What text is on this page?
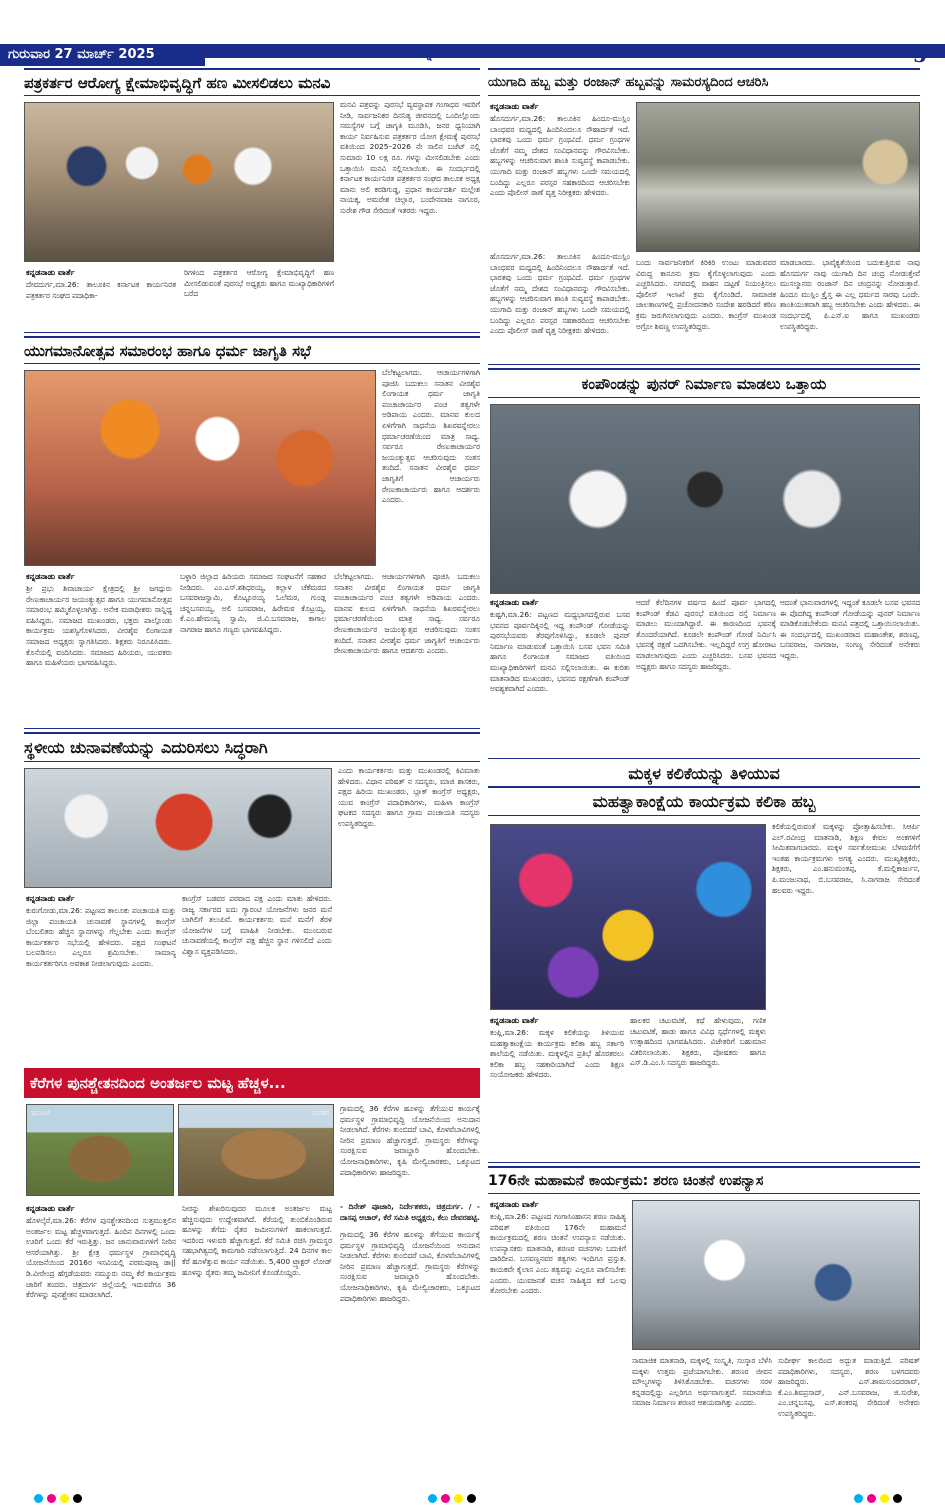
ಗುರುವಾರ 27 ಮಾರ್ಚ್ 2025	ಕನ್ನಡ ನಾಡು	5
ಪತ್ರಕರ್ತರ ಆರೋಗ್ಯ ಕ್ಷೇಮಾಭಿವೃದ್ಧಿಗೆ ಹಣ ಮೀಸಲಿಡಲು ಮನವಿ
ಮನವಿ ಪತ್ರವನ್ನು ಪುರಸಭೆ ವ್ಯವಸ್ಥಾಪಕ ಗಂಗಾಧರ ಇವರಿಗೆ ನೀಡಿ, ಸಾರ್ವಜನಿಕರ ದಿನನಿತ್ಯ ಜೀವನದಲ್ಲಿ ಒಂದಿಲ್ಲೊಂದು ಸಮಸ್ಯೆಗಳ ಬಗ್ಗೆ ಜಾಗೃತಿ ಮೂಡಿಸಿ, ಜನರ ಧ್ವನಿಯಾಗಿ ಕಾರ್ಯ ನಿರ್ವಹಿಸುವ ಪತ್ರಕರ್ತರ ಯೋಗ ಕ್ಷೇಮಕ್ಕೆ ಪುರಸಭೆ ವತಿಯಿಂದ 2025–2026 ನೇ ಸಾಲಿನ ಬಜೆಟ್ ನಲ್ಲಿ ಸುಮಾರು 10 ಲಕ್ಷ ರೂ. ಗಳನ್ನು ಮೀಸಲಿಡಬೇಕು ಎಂದು ಒತ್ತಾಯಿಸಿ ಮನವಿ ಸಲ್ಲಿಸಲಾಯಿತು. ಈ ಸಂದರ್ಭದಲ್ಲಿ ಕರ್ನಾಟಕ ಕಾರ್ಯನಿರತ ಪತ್ರಕರ್ತರ ಸಂಘದ ತಾಲೂಕ ಅಧ್ಯಕ್ಷ ಮಾನು ಅಲಿ ಕರಡಿಗುಡ್ಡ, ಪ್ರಧಾನ ಕಾರ್ಯದರ್ಶಿ ಮಲ್ಲೇಶ ನಾಯಕ್ಕ, ಅಮರೇಶ ಚಿಲ್ಲಾರ, ಬಂದೇನವಾಜ ನಾಗೂರ, ಸುರೇಶ ಗೌಡ ಸೇರಿದಂತೆ ಇತರರು ಇದ್ದರು.
ಕನ್ನಡನಾಡು ವಾರ್ತೆ
ದೇವದುರ್ಗ,ಮಾ.26: ತಾಲೂಕಿನ ಕರ್ನಾಟಕ ಕಾರ್ಯನಿರತ ಪತ್ರಕರ್ತರ ಸಂಘದ ಪದಾಧಿಕಾ-
ರಿಗಳಿಂದ ಪತ್ರಕರ್ತರ ಆರೋಗ್ಯ ಕ್ಷೇಮಾಭಿವೃದ್ಧಿಗೆ ಹಣ ಮೀಸಲಿಡುವಂತೆ ಪುರಸಭೆ ಅಧ್ಯಕ್ಷರು ಹಾಗೂ ಮುಖ್ಯಾಧಿಕಾರಿಗಳಿಗೆ ಬರೆದ
ಯುಗಮಾನೋತ್ಸವ ಸಮಾರಂಭ ಹಾಗೂ ಧರ್ಮ ಜಾಗೃತಿ ಸಭೆ
ಬೆಲೆಕಟ್ಟಲಾಗದು. ಆಚಾರ್ಯಗಳಿಗಾಗಿ ಪೂಜಿಸಿ ಬದುಕಲು ಸನಾತನ ವೀರಶೈವ ಲಿಂಗಾಯತ ಧರ್ಮ ಜಾಗೃತಿ ಪಂಚಾಚಾರ್ಯರ ಪಂಚ ತತ್ವಗಳೇ ಅಡಿಪಾಯ ಎಂದರು. ಮಾನವ ಕುಲದ ಏಳಿಗೆಗಾಗಿ ಸಾಧನೆಯ ಶಿಖರವನ್ನೇರಲು ಧರ್ಮಾಚರಣೆಯಿಂದ ಮಾತ್ರ ಸಾಧ್ಯ. ಸರ್ವರೂ ರೇಣುಕಾಚಾರ್ಯರ ಜಯಂತ್ಯುತ್ಸವ ಆಚರಿಸುವುದು ಸಂತಸ ತಂದಿದೆ. ಸನಾತನ ವೀರಶೈವ ಧರ್ಮ ಜಾಗೃತಿಗೆ ಆಚಾರ್ಯರು ರೇಣುಕಾಚಾರ್ಯರು ಹಾಗೂ ಆದರ್ಶರು ಎಂದರು.
ಕನ್ನಡನಾಡು ವಾರ್ತೆ
ಶ್ರೀ ಪ್ರಭು ಶಿವಾಚಾರ್ಯ ಕ್ಷೇತ್ರದಲ್ಲಿ ಶ್ರೀ ಜಗದ್ಗುರು ರೇಣುಕಾಚಾರ್ಯರ ಜಯಂತ್ಯುತ್ಸವ ಹಾಗೂ ಯುಗಮಾನೋತ್ಸವ ಸಮಾರಂಭ ಹಮ್ಮಿಕೊಳ್ಳಲಾಗಿತ್ತು. ಅನೇಕ ಮಠಾಧೀಶರು ಸಾನ್ನಿಧ್ಯ ವಹಿಸಿದ್ದರು. ಸಮಾಜದ ಮುಖಂಡರು, ಭಕ್ತರು ಪಾಲ್ಗೊಂಡು ಕಾರ್ಯಕ್ರಮ ಯಶಸ್ವಿಗೊಳಿಸಿದರು. ವೀರಶೈವ ಲಿಂಗಾಯತ ಸಮಾಜದ ಅಧ್ಯಕ್ಷರು ಸ್ವಾಗತಿಸಿದರು. ಶಿಕ್ಷಕರು ನಿರೂಪಿಸಿದರು. ಕೊನೆಯಲ್ಲಿ ವಂದಿಸಿದರು. ಸಮಾಜದ ಹಿರಿಯರು, ಯುವಕರು ಹಾಗೂ ಮಹಿಳೆಯರು ಭಾಗವಹಿಸಿದ್ದರು.
ಬಳ್ಳಾರಿ ಜಿಲ್ಲಾದ ಹಿರಿಯರು ಸಮಾಜದ ಸಂಘಟನೆಗೆ ಸಹಕಾರ ನೀಡಿದರು. ಎಂ.ಎಸ್.ಶಶಿಧರಯ್ಯ, ಕಲ್ಲಾಳ ಚೆಕೆಮಠದ ಬಸವರಾಜಸ್ವಾಮಿ, ಕೊಟ್ಟೂರಯ್ಯ ಓಲೆಮಠ, ಗುಂಡ್ಲ ಚನ್ನಬಸವಯ್ಯ, ಅಲಿ ಬಸವರಾಜ, ಹಿರೇಮಠ ಕೊಟ್ರಯ್ಯ, ಕೆ.ಎಂ.ಹೇಮಯ್ಯ ಸ್ವಾಮಿ, ಜಿ.ವಿ.ಬಸವರಾಜ, ಕಾಗಾಲ ನಾಗರಾಜ ಹಾಗೂ ಗಣ್ಯರು ಭಾಗವಹಿಸಿದ್ದರು.
ಬೆಲೆಕಟ್ಟಲಾಗದು. ಆಚಾರ್ಯಗಳಿಗಾಗಿ ಪೂಜಿಸಿ ಬದುಕಲು ಸನಾತನ ವೀರಶೈವ ಲಿಂಗಾಯತ ಧರ್ಮ ಜಾಗೃತಿ ಪಂಚಾಚಾರ್ಯರ ಪಂಚ ತತ್ವಗಳೇ ಅಡಿಪಾಯ ಎಂದರು. ಮಾನವ ಕುಲದ ಏಳಿಗೆಗಾಗಿ ಸಾಧನೆಯ ಶಿಖರವನ್ನೇರಲು ಧರ್ಮಾಚರಣೆಯಿಂದ ಮಾತ್ರ ಸಾಧ್ಯ. ಸರ್ವರೂ ರೇಣುಕಾಚಾರ್ಯರ ಜಯಂತ್ಯುತ್ಸವ ಆಚರಿಸುವುದು ಸಂತಸ ತಂದಿದೆ. ಸನಾತನ ವೀರಶೈವ ಧರ್ಮ ಜಾಗೃತಿಗೆ ಆಚಾರ್ಯರು ರೇಣುಕಾಚಾರ್ಯರು ಹಾಗೂ ಆದರ್ಶರು ಎಂದರು.
ಸ್ಥಳೀಯ ಚುನಾವಣೆಯನ್ನು ಎದುರಿಸಲು ಸಿದ್ಧರಾಗಿ
ಎಂದು ಕಾರ್ಯಕರ್ತರು ಮತ್ತು ಮುಖಂಡರಲ್ಲಿ ಕಿವಿಮಾತು ಹೇಳಿದರು. ವಿಧಾನ ಪರಿಷತ್ ನ ಸದಸ್ಯರು, ಮಾಜಿ ಶಾಸಕರು, ಪಕ್ಷದ ಹಿರಿಯ ಮುಖಂಡರು, ಬ್ಲಾಕ್ ಕಾಂಗ್ರೆಸ್ ಅಧ್ಯಕ್ಷರು, ಯುವ ಕಾಂಗ್ರೆಸ್ ಪದಾಧಿಕಾರಿಗಳು, ಮಹಿಳಾ ಕಾಂಗ್ರೆಸ್ ಘಟಕದ ಸದಸ್ಯರು ಹಾಗೂ ಗ್ರಾಮ ಪಂಚಾಯತಿ ಸದಸ್ಯರು ಉಪಸ್ಥಿತರಿದ್ದರು.
ಕನ್ನಡನಾಡು ವಾರ್ತೆ
ಕುರುಗೋಡು,ಮಾ.26: ಪಟ್ಟಣದ ತಾಲೂಕು ಪಂಚಾಯತಿ ಮತ್ತು ಜಿಲ್ಲಾ ಪಂಚಾಯತಿ ಚುನಾವಣೆ ಸ್ಥಾನಗಳಲ್ಲಿ ಕಾಂಗ್ರೆಸ್ ಬೆಂಬಲಿತರು ಹೆಚ್ಚಿನ ಸ್ಥಾನಗಳನ್ನು ಗೆಲ್ಲಬೇಕು ಎಂದು ಕಾಂಗ್ರೆಸ್ ಕಾರ್ಯಕರ್ತರ ಸಭೆಯಲ್ಲಿ ಹೇಳಿದರು. ಪಕ್ಷದ ಸಂಘಟನೆ ಬಲಪಡಿಸಲು ಎಲ್ಲರೂ ಶ್ರಮಿಸಬೇಕು. ಸಾಮಾನ್ಯ ಕಾರ್ಯಕರ್ತರಿಗೂ ಅವಕಾಶ ನೀಡಲಾಗುವುದು ಎಂದರು.
ಕಾಂಗ್ರೆಸ್ ಬಡವರ ಪರವಾದ ಪಕ್ಷ ಎಂದು ಮಾತು ಹೇಳಿದರು. ರಾಜ್ಯ ಸರ್ಕಾರದ ಐದು ಗ್ಯಾರಂಟಿ ಯೋಜನೆಗಳು ಜನರ ಮನೆ ಬಾಗಿಲಿಗೆ ತಲುಪಿವೆ. ಕಾರ್ಯಕರ್ತರು ಮನೆ ಮನೆಗೆ ತೆರಳಿ ಯೋಜನೆಗಳ ಬಗ್ಗೆ ಮಾಹಿತಿ ನೀಡಬೇಕು. ಮುಂಬರುವ ಚುನಾವಣೆಯಲ್ಲಿ ಕಾಂಗ್ರೆಸ್ ಪಕ್ಷ ಹೆಚ್ಚಿನ ಸ್ಥಾನ ಗಳಿಸಲಿದೆ ಎಂದು ವಿಶ್ವಾಸ ವ್ಯಕ್ತಪಡಿಸಿದರು.
ಕೆರೆಗಳ ಪುನಶ್ಚೇತನದಿಂದ ಅಂತರ್ಜಲ ಮಟ್ಟ ಹೆಚ್ಚಳ...
ಮುಂಚೆ	ನಂತರ ಗ್ರಾಮದಲ್ಲಿ 36 ಕೆರೆಗಳ ಹೂಳನ್ನು ತೆಗೆಯುವ ಕಾರ್ಯಕ್ಕೆ ಧರ್ಮಸ್ಥಳ ಗ್ರಾಮಾಭಿವೃದ್ಧಿ ಯೋಜನೆಯಿಂದ ಅನುದಾನ ನೀಡಲಾಗಿದೆ. ಕೆರೆಗಳು ತುಂಬಿದರೆ ಬಾವಿ, ಕೊಳವೆಬಾವಿಗಳಲ್ಲಿ ನೀರಿನ ಪ್ರಮಾಣ ಹೆಚ್ಚಾಗುತ್ತದೆ. ಗ್ರಾಮಸ್ಥರು ಕೆರೆಗಳನ್ನು ಸಂರಕ್ಷಿಸುವ ಜವಾಬ್ದಾರಿ ಹೊಂದಬೇಕು. ಯೋಜನಾಧಿಕಾರಿಗಳು, ಕೃಷಿ ಮೇಲ್ವಿಚಾರಕರು, ಒಕ್ಕೂಟದ ಪದಾಧಿಕಾರಿಗಳು ಹಾಜರಿದ್ದರು.
- ದಿನೇಶ್ ಪೂಜಾರಿ, ನಿರ್ದೇಶಕರು, ಚಿತ್ರದುರ್ಗ. / - ದಾಸಪ್ಪ ಆಚಾರ್, ಕೆರೆ ಸಮಿತಿ ಅಧ್ಯಕ್ಷರು, ಕೆಲು ದೇವರಹಟ್ಟಿ.
ಕನ್ನಡನಾಡು ವಾರ್ತೆ
ಹೊಳಲ್ಕೆರೆ,ಮಾ.26: ಕೆರೆಗಳ ಪುನಶ್ಚೇತನದಿಂದ ಸುತ್ತಮುತ್ತಲಿನ ಅಂತರ್ಜಲ ಮಟ್ಟ ಹೆಚ್ಚಳವಾಗುತ್ತದೆ. ಹಿಂದಿನ ದಿನಗಳಲ್ಲಿ ಒಂದು ಊರಿಗೆ ಒಂದು ಕೆರೆ ಇರುತ್ತಿತ್ತು. ಜನ ಜಾನುವಾರುಗಳಿಗೆ ನೀರಿನ ಆಸರೆಯಾಗಿತ್ತು. ಶ್ರೀ ಕ್ಷೇತ್ರ ಧರ್ಮಸ್ಥಳ ಗ್ರಾಮಾಭಿವೃದ್ಧಿ ಯೋಜನೆಯಿಂದ 2016ರ ಇಸವಿಯಲ್ಲಿ ಪರಮಪೂಜ್ಯ ಡಾ|| ಡಿ.ವೀರೇಂದ್ರ ಹೆಗ್ಗಡೆಯವರು ನಮ್ಮೂರು ನಮ್ಮ ಕೆರೆ ಕಾರ್ಯಕ್ರಮ ಜಾರಿಗೆ ತಂದರು. ಚಿತ್ರದುರ್ಗ ಜಿಲ್ಲೆಯಲ್ಲಿ ಇದುವರೆಗೂ 36 ಕೆರೆಗಳನ್ನು ಪುನಶ್ಚೇತನ ಮಾಡಲಾಗಿದೆ.
ನೀರನ್ನು ಶೇಖರಿಸುವುದರ ಮೂಲಕ ಅಂತರ್ಜಲ ಮಟ್ಟ ಹೆಚ್ಚಿಸುವುದು ಉದ್ದೇಶವಾಗಿದೆ. ಕೆರೆಯಲ್ಲಿ ತುಂಬಿಕೊಂಡಿರುವ ಹೂಳನ್ನು ತೆಗೆದು ರೈತರ ಜಮೀನುಗಳಿಗೆ ಹಾಕಲಾಗುತ್ತದೆ. ಇದರಿಂದ ಇಳುವರಿ ಹೆಚ್ಚಾಗುತ್ತದೆ. ಕೆರೆ ಸಮಿತಿ ರಚಿಸಿ ಗ್ರಾಮಸ್ಥರ ಸಹಭಾಗಿತ್ವದಲ್ಲಿ ಕಾಮಗಾರಿ ನಡೆಸಲಾಗುತ್ತಿದೆ. 24 ದಿನಗಳ ಕಾಲ ಕೆರೆ ಹೂಳೆತ್ತುವ ಕಾರ್ಯ ನಡೆಯಿತು. 5,400 ಟ್ರ್ಯಾಕ್ಟರ್ ಲೋಡ್ ಹೂಳನ್ನು ರೈತರು ತಮ್ಮ ಜಮೀನಿಗೆ ಕೊಂಡೊಯ್ದರು.
ಗ್ರಾಮದಲ್ಲಿ 36 ಕೆರೆಗಳ ಹೂಳನ್ನು ತೆಗೆಯುವ ಕಾರ್ಯಕ್ಕೆ ಧರ್ಮಸ್ಥಳ ಗ್ರಾಮಾಭಿವೃದ್ಧಿ ಯೋಜನೆಯಿಂದ ಅನುದಾನ ನೀಡಲಾಗಿದೆ. ಕೆರೆಗಳು ತುಂಬಿದರೆ ಬಾವಿ, ಕೊಳವೆಬಾವಿಗಳಲ್ಲಿ ನೀರಿನ ಪ್ರಮಾಣ ಹೆಚ್ಚಾಗುತ್ತದೆ. ಗ್ರಾಮಸ್ಥರು ಕೆರೆಗಳನ್ನು ಸಂರಕ್ಷಿಸುವ ಜವಾಬ್ದಾರಿ ಹೊಂದಬೇಕು. ಯೋಜನಾಧಿಕಾರಿಗಳು, ಕೃಷಿ ಮೇಲ್ವಿಚಾರಕರು, ಒಕ್ಕೂಟದ ಪದಾಧಿಕಾರಿಗಳು ಹಾಜರಿದ್ದರು.
ಯುಗಾದಿ ಹಬ್ಬ ಮತ್ತು ರಂಜಾನ್ ಹಬ್ಬವನ್ನು ಸಾಮರಸ್ಯದಿಂದ ಆಚರಿಸಿ
ಕನ್ನಡನಾಡು ವಾರ್ತೆ
ಹೊಸದುರ್ಗ,ಮಾ.26: ತಾಲೂಕಿನ ಹಿಂದೂ-ಮುಸ್ಲಿಂ ಬಾಂಧವರ ಮಧ್ಯದಲ್ಲಿ ಹಿಂದಿನಿಂದಲೂ ಸೌಹಾರ್ದತೆ ಇದೆ. ಭಾರತವು ಒಂದು ಧರ್ಮ ಗ್ರಂಥವಿದೆ. ಧರ್ಮ ಗ್ರಂಥಗಳ ಜೊತೆಗೆ ನಮ್ಮ ದೇಶದ ಸಂವಿಧಾನವನ್ನು ಗೌರವಿಸಬೇಕು. ಹಬ್ಬಗಳನ್ನು ಆಚರಿಸುವಾಗ ಶಾಂತಿ ಸುವ್ಯವಸ್ಥೆ ಕಾಪಾಡಬೇಕು. ಯುಗಾದಿ ಮತ್ತು ರಂಜಾನ್ ಹಬ್ಬಗಳು ಒಂದೇ ಸಮಯದಲ್ಲಿ ಬಂದಿದ್ದು ಎಲ್ಲರೂ ಪರಸ್ಪರ ಸಹಕಾರದಿಂದ ಆಚರಿಸಬೇಕು ಎಂದು ಪೊಲೀಸ್ ಠಾಣೆ ವೃತ್ತ ನಿರೀಕ್ಷಕರು ಹೇಳಿದರು.
ಹೊಸದುರ್ಗ,ಮಾ.26: ತಾಲೂಕಿನ ಹಿಂದೂ-ಮುಸ್ಲಿಂ ಬಾಂಧವರ ಮಧ್ಯದಲ್ಲಿ ಹಿಂದಿನಿಂದಲೂ ಸೌಹಾರ್ದತೆ ಇದೆ. ಭಾರತವು ಒಂದು ಧರ್ಮ ಗ್ರಂಥವಿದೆ. ಧರ್ಮ ಗ್ರಂಥಗಳ ಜೊತೆಗೆ ನಮ್ಮ ದೇಶದ ಸಂವಿಧಾನವನ್ನು ಗೌರವಿಸಬೇಕು. ಹಬ್ಬಗಳನ್ನು ಆಚರಿಸುವಾಗ ಶಾಂತಿ ಸುವ್ಯವಸ್ಥೆ ಕಾಪಾಡಬೇಕು. ಯುಗಾದಿ ಮತ್ತು ರಂಜಾನ್ ಹಬ್ಬಗಳು ಒಂದೇ ಸಮಯದಲ್ಲಿ ಬಂದಿದ್ದು ಎಲ್ಲರೂ ಪರಸ್ಪರ ಸಹಕಾರದಿಂದ ಆಚರಿಸಬೇಕು ಎಂದು ಪೊಲೀಸ್ ಠಾಣೆ ವೃತ್ತ ನಿರೀಕ್ಷಕರು ಹೇಳಿದರು.
ಬಂದು ಸಾರ್ವಜನಿಕರಿಗೆ ಕಿರಿಕಿರಿ ಉಂಟು ಮಾಡುವವರ ವಿರುದ್ಧ ಕಾನೂನು ಕ್ರಮ ಕೈಗೊಳ್ಳಲಾಗುವುದು ಎಂದು ಎಚ್ಚರಿಸಿದರು. ನಗರದಲ್ಲಿ ವಾಹನ ದಟ್ಟಣೆ ನಿಯಂತ್ರಿಸಲು ಪೊಲೀಸ್ ಇಲಾಖೆ ಕ್ರಮ ಕೈಗೊಂಡಿದೆ. ಸಾಮಾಜಿಕ ಜಾಲತಾಣಗಳಲ್ಲಿ ಪ್ರಚೋದನಕಾರಿ ಸಂದೇಶ ಹರಡಿದರೆ ಕಠಿಣ ಕ್ರಮ ಜರುಗಿಸಲಾಗುವುದು ಎಂದರು. ಕಾಂಗ್ರೆಸ್ ಮುಖಂಡ ಅಗ್ರೋ ಶಿವಣ್ಣ ಉಪಸ್ಥಿತರಿದ್ದರು.
ಮಾಡಬಾರದು. ಭಾವೈಕ್ಯತೆಯಿಂದ ಬದುಕುತ್ತಿರುವ ನಾವು ಹೊಸದುರ್ಗ ನಾವು ಯುಗಾದಿ ದಿನ ಚಂದ್ರ ನೋಡುತ್ತೇವೆ ಮುಸಲ್ಮಾನರು ರಂಜಾನ್ ದಿನ ಚಂದ್ರನನ್ನು ನೋಡುತ್ತಾರೆ. ಹಿಂದೂ ಮುಸ್ಲಿಂ ಕ್ರೈಸ್ತ ಈ ಎಲ್ಲ ಧರ್ಮದ ಸಾರವು ಒಂದೇ. ಶಾಂತಿಯುತವಾಗಿ ಹಬ್ಬ ಆಚರಿಸಬೇಕು ಎಂದು ಹೇಳಿದರು. ಈ ಸಂದರ್ಭದಲ್ಲಿ ಪಿ.ಎಸ್.ಐ ಹಾಗೂ ಮುಖಂಡರು ಉಪಸ್ಥಿತರಿದ್ದರು.
ಕಂಪೌಂಡನ್ನು ಪುನರ್ ನಿರ್ಮಾಣ ಮಾಡಲು ಒತ್ತಾಯ
ಕನ್ನಡನಾಡು ವಾರ್ತೆ
ಕುಷ್ಟಗಿ,ಮಾ.26: ಪಟ್ಟಣದ ಮಧ್ಯಭಾಗದಲ್ಲಿರುವ ಬಸವ ಭವನದ ಪೂರ್ವದಿಕ್ಕಿನಲ್ಲಿ ಇದ್ದ ಕಂಪೌಂಡ್ ಗೋಡೆಯನ್ನು ಪುರಸಭೆಯವರು ತೆರವುಗೊಳಿಸಿದ್ದು, ಕೂಡಲೇ ಪುನರ್ ನಿರ್ಮಾಣ ಮಾಡುವಂತೆ ಒತ್ತಾಯಿಸಿ ಬಸವ ಭವನ ಸಮಿತಿ ಹಾಗೂ ಲಿಂಗಾಯತ ಸಮಾಜದ ವತಿಯಿಂದ ಮುಖ್ಯಾಧಿಕಾರಿಗಳಿಗೆ ಮನವಿ ಸಲ್ಲಿಸಲಾಯಿತು. ಈ ಕುರಿತು ಮಾತನಾಡಿದ ಮುಖಂಡರು, ಭವನದ ರಕ್ಷಣೆಗಾಗಿ ಕಂಪೌಂಡ್ ಅವಶ್ಯಕವಾಗಿದೆ ಎಂದರು.
ಆದರೆ ಕೆಲೆದಿನಗಳ ವರ್ಷದ ಹಿಂದೆ ಪೂರ್ವ ಭಾಗದಲ್ಲಿ ಕಂಪೌಂಡ್ ಕೆಡವಿ ಪುರಸಭೆ ವತಿಯಿಂದ ರಸ್ತೆ ನಿರ್ಮಾಣ ಮಾಡಲು ಮುಂದಾಗಿದ್ದಾರೆ. ಈ ಕಾರಣದಿಂದ ಭವನಕ್ಕೆ ತೊಂದರೆಯಾಗಿದೆ. ಕೂಡಲೇ ಕಂಪೌಂಡ್ ಗೋಡೆ ನಿರ್ಮಿಸಿ ಭವನಕ್ಕೆ ರಕ್ಷಣೆ ಒದಗಿಸಬೇಕು. ಇಲ್ಲದಿದ್ದರೆ ಉಗ್ರ ಹೋರಾಟ ಮಾಡಲಾಗುವುದು ಎಂದು ಎಚ್ಚರಿಸಿದರು. ಬಸವ ಭವನದ ಅಧ್ಯಕ್ಷರು ಹಾಗೂ ಸದಸ್ಯರು ಹಾಜರಿದ್ದರು.
ಆದಂತೆ ಭಾನುವಾರಗಳಲ್ಲಿ ಇದ್ದಂತೆ ಕೂಡಲೇ ಬಸವ ಭವನದ ಈ ಪೊದಗಿದ್ದ ಕಂಪೌಂಡ್ ಗೋಡೆಯನ್ನು ಪುನರ್ ನಿರ್ಮಾಣ ಮಾಡಿಕೊಡಬೇಕೆಂದು ಮನವಿ ಪತ್ರದಲ್ಲಿ ಒತ್ತಾಯಿಸಲಾಯಿತು. ಈ ಸಂದರ್ಭದಲ್ಲಿ ಮುಖಂಡರಾದ ಮಹಾಂತೇಶ, ಶರಣಪ್ಪ, ಬಸವರಾಜ, ನಾಗರಾಜ, ಸಂಗಣ್ಣ ಸೇರಿದಂತೆ ಅನೇಕರು ಇದ್ದರು.
ಮಕ್ಕಳ ಕಲಿಕೆಯನ್ನು ತಿಳಿಯುವ
ಮಹತ್ವಾಕಾಂಕ್ಷೆಯ ಕಾರ್ಯಕ್ರಮ ಕಲಿಕಾ ಹಬ್ಬ
ಕಲಿಕೆಯಲ್ಲಿರುವಂತೆ ಮಕ್ಕಳನ್ನು ಪ್ರೋತ್ಸಾಹಿಸಬೇಕು. ಸಿಆರ್ಪಿ ಎಲ್.ರವೀಂದ್ರ ಮಾತನಾಡಿ, ಶಿಕ್ಷಣ ಕೇವಲ ಅಂಕಗಳಿಗೆ ಸೀಮಿತವಾಗಬಾರದು. ಮಕ್ಕಳ ಸರ್ವತೋಮುಖ ಬೆಳವಣಿಗೆಗೆ ಇಂತಹ ಕಾರ್ಯಕ್ರಮಗಳು ಅಗತ್ಯ ಎಂದರು. ಮುಖ್ಯಶಿಕ್ಷಕರು, ಶಿಕ್ಷಕರು, ಎಂ.ಹನುಮಂತಪ್ಪ, ಕೆ.ಮಲ್ಲಿಕಾರ್ಜುನ, ಪಿ.ಮಂಜುನಾಥ, ಬಿ.ಬಸವರಾಜ, ಸಿ.ನಾಗರಾಜ ಸೇರಿದಂತೆ ಹಲವರು ಇದ್ದರು.
ಕನ್ನಡನಾಡು ವಾರ್ತೆ
ಕಂಪ್ಲಿ,ಮಾ.26: ಮಕ್ಕಳ ಕಲಿಕೆಯನ್ನು ತಿಳಿಯುವ ಮಹತ್ವಾಕಾಂಕ್ಷೆಯ ಕಾರ್ಯಕ್ರಮ ಕಲಿಕಾ ಹಬ್ಬ ಸರ್ಕಾರಿ ಶಾಲೆಯಲ್ಲಿ ನಡೆಯಿತು. ಮಕ್ಕಳಲ್ಲಿನ ಪ್ರತಿಭೆ ಹೊರತರಲು ಕಲಿಕಾ ಹಬ್ಬ ಸಹಕಾರಿಯಾಗಿದೆ ಎಂದು ಶಿಕ್ಷಣ ಸಂಯೋಜಕರು ಹೇಳಿದರು.
ಹಾಲಕರ ಚಟುವಟಿಕೆ, ಕಥೆ ಹೇಳುವುದು, ಗಣಿತ ಚಟುವಟಿಕೆ, ಹಾಡು ಹಾಗೂ ವಿವಿಧ ಸ್ಪರ್ಧೆಗಳಲ್ಲಿ ಮಕ್ಕಳು ಉತ್ಸಾಹದಿಂದ ಭಾಗವಹಿಸಿದರು. ವಿಜೇತರಿಗೆ ಬಹುಮಾನ ವಿತರಿಸಲಾಯಿತು. ಶಿಕ್ಷಕರು, ಪೋಷಕರು ಹಾಗೂ ಎಸ್.ಡಿ.ಎಂ.ಸಿ ಸದಸ್ಯರು ಹಾಜರಿದ್ದರು.
176ನೇ ಮಹಾಮನೆ ಕಾರ್ಯಕ್ರಮ: ಶರಣ ಚಿಂತನೆ ಉಪನ್ಯಾಸ
ಕನ್ನಡನಾಡು ವಾರ್ತೆ
ಕಂಪ್ಲಿ,ಮಾ.26: ಪಟ್ಟಣದ ಗಂಗಾಸಿಂಹಾಸನ ಶರಣ ಸಾಹಿತ್ಯ ಪರಿಷತ್ ವತಿಯಿಂದ 176ನೇ ಮಹಾಮನೆ ಕಾರ್ಯಕ್ರಮದಲ್ಲಿ ಶರಣ ಚಿಂತನೆ ಉಪನ್ಯಾಸ ನಡೆಯಿತು. ಉಪನ್ಯಾಸಕರು ಮಾತನಾಡಿ, ಶರಣರ ವಚನಗಳು ಬದುಕಿಗೆ ದಾರಿದೀಪ. ಬಸವಣ್ಣನವರ ತತ್ವಗಳು ಇಂದಿಗೂ ಪ್ರಸ್ತುತ. ಕಾಯಕವೇ ಕೈಲಾಸ ಎಂಬ ತತ್ವವನ್ನು ಎಲ್ಲರೂ ಪಾಲಿಸಬೇಕು ಎಂದರು. ಯುವಜನತೆ ವಚನ ಸಾಹಿತ್ಯದ ಕಡೆ ಒಲವು ತೋರಬೇಕು ಎಂದರು.
ಸಾಮಾಜಿಕ ಮಾತನಾಡಿ, ಮಕ್ಕಳಲ್ಲಿ ಸಂಸ್ಕೃತಿ, ಸಂಸ್ಕಾರ ಬೆಳೆಸಿ ಮಕ್ಕಳು ಉತ್ತಮ ಪ್ರಜೆಯಾಗಬೇಕು. ಶರಣರ ಜೀವನ ಮೌಲ್ಯಗಳನ್ನು ತಿಳಿಸಿಕೊಡಬೇಕು. ವಚನಗಳು ಸರಳ ಕನ್ನಡದಲ್ಲಿದ್ದು ಎಲ್ಲರಿಗೂ ಅರ್ಥವಾಗುತ್ತವೆ. ಸಮಾನತೆಯ ಸಮಾಜ ನಿರ್ಮಾಣ ಶರಣರ ಆಶಯವಾಗಿತ್ತು ಎಂದರು.
ಸುದೀರ್ಘ ಕಾಲದಿಂದ ಅದ್ಭುತ ಮಾಡುತ್ತಿದೆ. ಪರಿಷತ್ ಪದಾಧಿಕಾರಿಗಳು, ಸದಸ್ಯರು, ಶರಣ ಬಳಗದವರು ಹಾಜರಿದ್ದರು. ಎಸ್.ಶಾಮಸುಂದರರಾವ್, ಕೆ.ಎಂ.ಶಿವಪ್ರಸಾದ್, ಎನ್.ಬಸವರಾಜ, ಜಿ.ಸುರೇಶ, ಎಂ.ಚನ್ನಬಸಪ್ಪ, ಎಸ್.ಶಂಕರಪ್ಪ ಸೇರಿದಂತೆ ಅನೇಕರು ಉಪಸ್ಥಿತರಿದ್ದರು.
